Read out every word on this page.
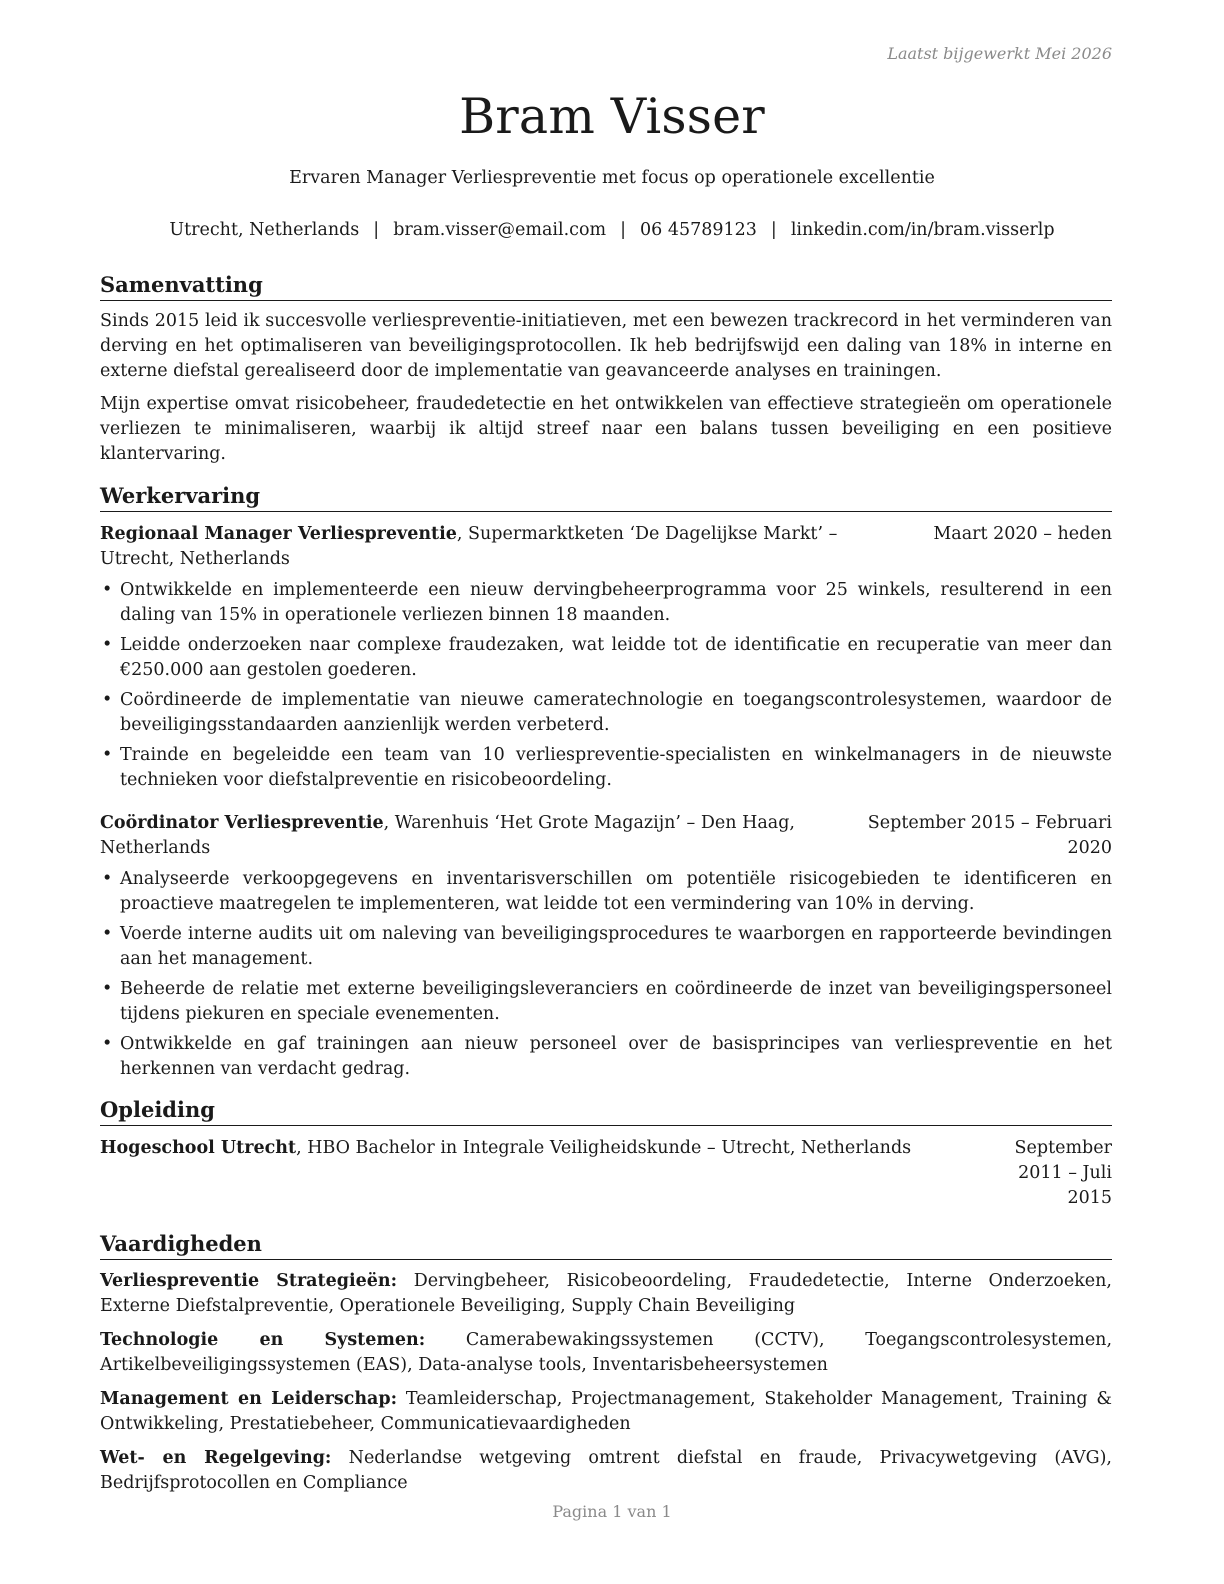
Laatst bijgewerkt Mei 2026
Bram Visser
Ervaren Manager Verliespreventie met focus op operationele excellentie
Utrecht, Netherlands | bram.visser@email.com | 06 45789123 | linkedin.com/in/bram.visserlp
Samenvatting

Sinds 2015 leid ik succesvolle verliespreventie-initiatieven, met een bewezen trackrecord in het verminderen van derving en het optimaliseren van beveiligingsprotocollen. Ik heb bedrijfswijd een daling van 18% in interne en externe diefstal gerealiseerd door de implementatie van geavanceerde analyses en trainingen.

Mijn expertise omvat risicobeheer, fraudedetectie en het ontwikkelen van effectieve strategieën om operationele verliezen te minimaliseren, waarbij ik altijd streef naar een balans tussen beveiliging en een positieve klantervaring.

Werkervaring
Regionaal Manager Verliespreventie, Supermarktketen ‘De Dagelijkse Markt’ – Utrecht, Netherlands
Maart 2020 – heden
• Ontwikkelde en implementeerde een nieuw dervingbeheerprogramma voor 25 winkels, resulterend in een daling van 15% in operationele verliezen binnen 18 maanden.
• Leidde onderzoeken naar complexe fraudezaken, wat leidde tot de identificatie en recuperatie van meer dan €250.000 aan gestolen goederen.
• Coördineerde de implementatie van nieuwe cameratechnologie en toegangscontrolesystemen, waardoor de beveiligingsstandaarden aanzienlijk werden verbeterd.
• Trainde en begeleidde een team van 10 verliespreventie-specialisten en winkelmanagers in de nieuwste technieken voor diefstalpreventie en risicobeoordeling.
Coördinator Verliespreventie, Warenhuis ‘Het Grote Magazijn’ – Den Haag, Netherlands
September 2015 – Februari 2020
• Analyseerde verkoopgegevens en inventarisverschillen om potentiële risicogebieden te identificeren en proactieve maatregelen te implementeren, wat leidde tot een vermindering van 10% in derving.
• Voerde interne audits uit om naleving van beveiligingsprocedures te waarborgen en rapporteerde bevindingen aan het management.
• Beheerde de relatie met externe beveiligingsleveranciers en coördineerde de inzet van beveiligingspersoneel tijdens piekuren en speciale evenementen.
• Ontwikkelde en gaf trainingen aan nieuw personeel over de basisprincipes van verliespreventie en het herkennen van verdacht gedrag.
Opleiding
Hogeschool Utrecht, HBO Bachelor in Integrale Veiligheidskunde – Utrecht, Netherlands	September 2011 – Juli 2015
Vaardigheden

Verliespreventie Strategieën: Dervingbeheer, Risicobeoordeling, Fraudedetectie, Interne Onderzoeken, Externe Diefstalpreventie, Operationele Beveiliging, Supply Chain Beveiliging

Technologie en Systemen: Camerabewakingssystemen (CCTV), Toegangscontrolesystemen, Artikelbeveiligingssystemen (EAS), Data-analyse tools, Inventarisbeheersystemen

Management en Leiderschap: Teamleiderschap, Projectmanagement, Stakeholder Management, Training & Ontwikkeling, Prestatiebeheer, Communicatievaardigheden

Wet- en Regelgeving: Nederlandse wetgeving omtrent diefstal en fraude, Privacywetgeving (AVG), Bedrijfsprotocollen en Compliance

Pagina 1 van 1
